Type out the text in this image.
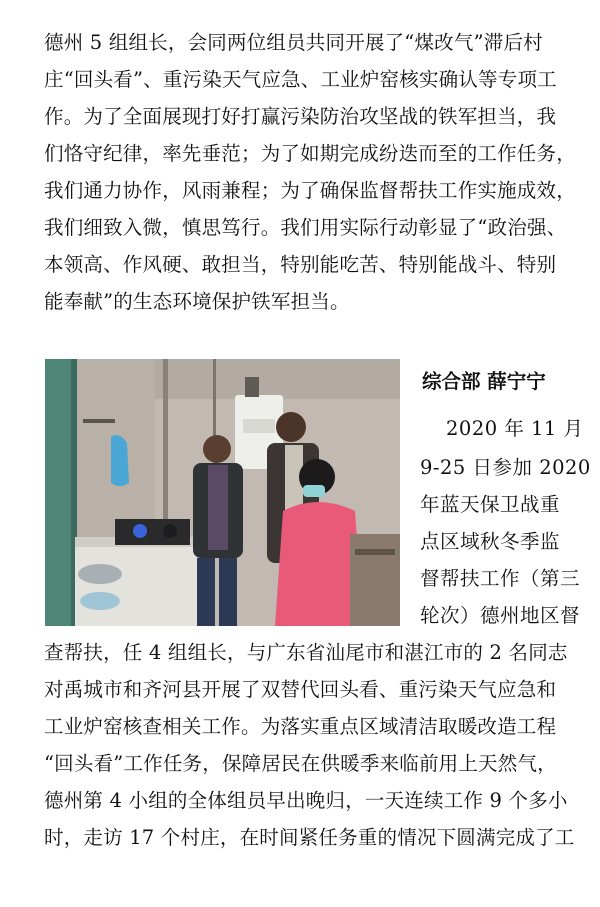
德州 5 组组长，会同两位组员共同开展了“煤改气”滞后村
庄“回头看”、重污染天气应急、工业炉窑核实确认等专项工
作。为了全面展现打好打赢污染防治攻坚战的铁军担当，我
们恪守纪律，率先垂范；为了如期完成纷迭而至的工作任务，
我们通力协作，风雨兼程；为了确保监督帮扶工作实施成效，
我们细致入微，慎思笃行。我们用实际行动彰显了“政治强、
本领高、作风硬、敢担当，特别能吃苦、特别能战斗、特别
能奉献”的生态环境保护铁军担当。
综合部 薛宁宁
2020 年 11 月
9-25 日参加 2020
年蓝天保卫战重
点区域秋冬季监
督帮扶工作（第三
轮次）德州地区督
查帮扶，任 4 组组长，与广东省汕尾市和湛江市的 2 名同志
对禹城市和齐河县开展了双替代回头看、重污染天气应急和
工业炉窑核查相关工作。为落实重点区域清洁取暖改造工程
“回头看”工作任务，保障居民在供暖季来临前用上天然气，
德州第 4 小组的全体组员早出晚归，一天连续工作 9 个多小
时，走访 17 个村庄，在时间紧任务重的情况下圆满完成了工
